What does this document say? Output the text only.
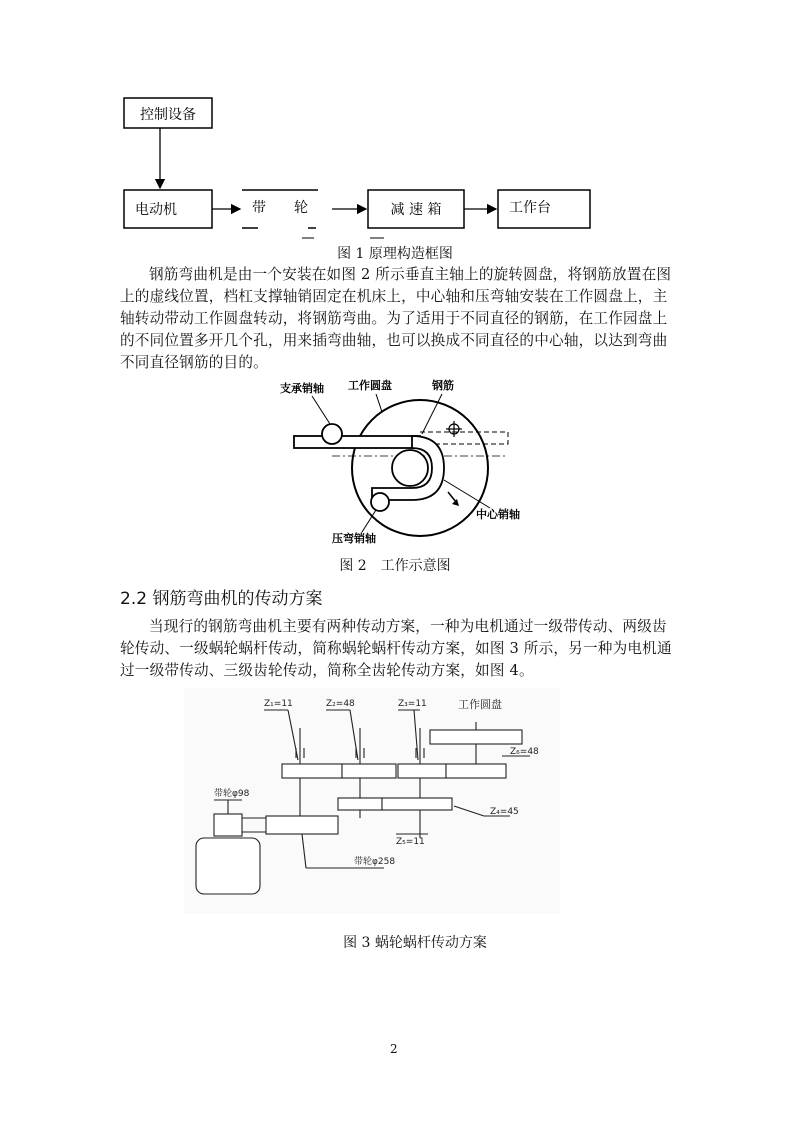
控制设备
电动机	带　　轮	减 速 箱	工作台
图 1 原理构造框图

钢筋弯曲机是由一个安装在如图 2 所示垂直主轴上的旋转圆盘，将钢筋放置在图上的虚线位置，档杠支撑轴销固定在机床上，中心轴和压弯轴安装在工作圆盘上，主轴转动带动工作圆盘转动，将钢筋弯曲。为了适用于不同直径的钢筋，在工作园盘上的不同位置多开几个孔，用来插弯曲轴，也可以换成不同直径的中心轴，以达到弯曲不同直径钢筋的目的。

支承销轴 工作圆盘	钢筋
中心销轴
压弯销轴
图 2　工作示意图
2.2 钢筋弯曲机的传动方案

当现行的钢筋弯曲机主要有两种传动方案，一种为电机通过一级带传动、两级齿轮传动、一级蜗轮蜗杆传动，简称蜗轮蜗杆传动方案，如图 3 所示，另一种为电机通过一级带传动、三级齿轮传动，简称全齿轮传动方案，如图 4。

Z₁=11	Z₂=48	Z₃=11	工作圆盘
Z₆=48
Z₄=45
Z₅=11
带轮φ98
带轮φ258
图 3 蜗轮蜗杆传动方案
2
